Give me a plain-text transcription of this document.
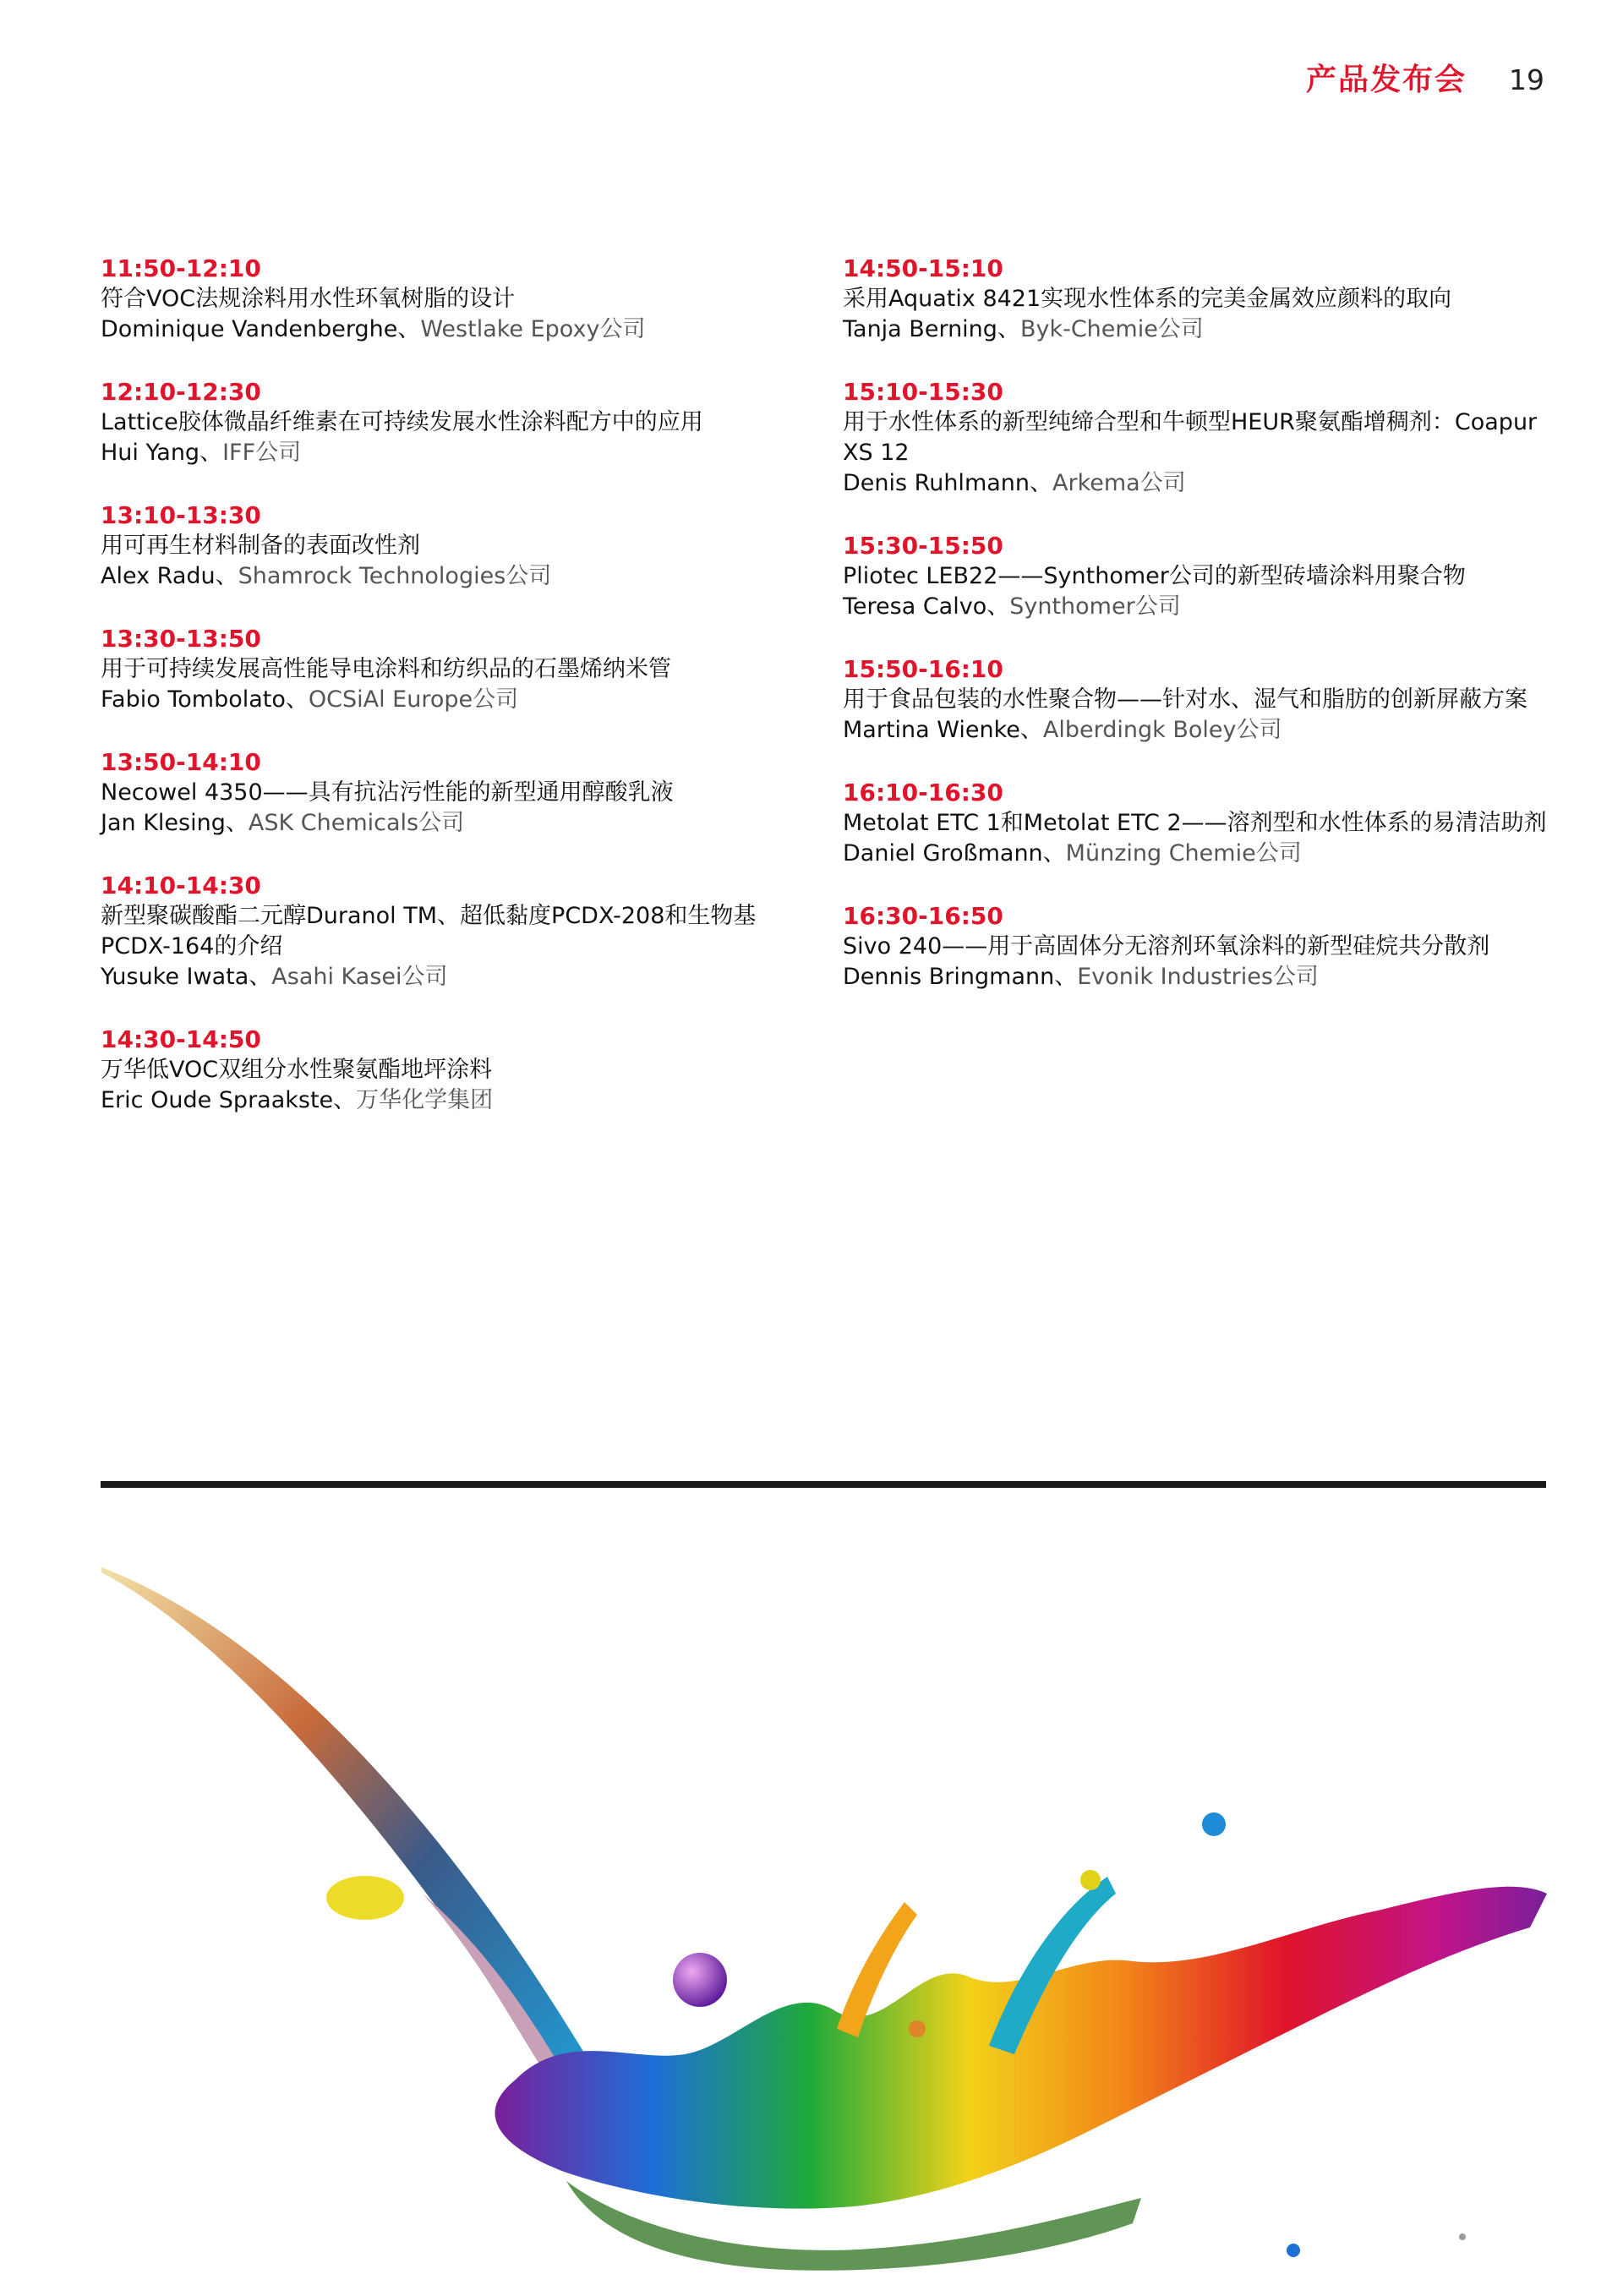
产品发布会 19
11:50-12:10
符合VOC法规涂料用水性环氧树脂的设计
Dominique Vandenberghe、Westlake Epoxy公司
12:10-12:30
Lattice胶体微晶纤维素在可持续发展水性涂料配方中的应用
Hui Yang、IFF公司
13:10-13:30
用可再生材料制备的表面改性剂
Alex Radu、Shamrock Technologies公司
13:30-13:50
用于可持续发展高性能导电涂料和纺织品的石墨烯纳米管
Fabio Tombolato、OCSiAl Europe公司
13:50-14:10
Necowel 4350——具有抗沾污性能的新型通用醇酸乳液
Jan Klesing、ASK Chemicals公司
14:10-14:30
新型聚碳酸酯二元醇Duranol TM、超低黏度PCDX-208和生物基PCDX-164的介绍
Yusuke Iwata、Asahi Kasei公司
14:30-14:50
万华低VOC双组分水性聚氨酯地坪涂料
Eric Oude Spraakste、万华化学集团
14:50-15:10
采用Aquatix 8421实现水性体系的完美金属效应颜料的取向
Tanja Berning、Byk-Chemie公司
15:10-15:30
用于水性体系的新型纯缔合型和牛顿型HEUR聚氨酯增稠剂：Coapur XS 12
Denis Ruhlmann、Arkema公司
15:30-15:50
Pliotec LEB22——Synthomer公司的新型砖墙涂料用聚合物
Teresa Calvo、Synthomer公司
15:50-16:10
用于食品包装的水性聚合物——针对水、湿气和脂肪的创新屏蔽方案
Martina Wienke、Alberdingk Boley公司
16:10-16:30
Metolat ETC 1和Metolat ETC 2——溶剂型和水性体系的易清洁助剂
Daniel Großmann、Münzing Chemie公司
16:30-16:50
Sivo 240——用于高固体分无溶剂环氧涂料的新型硅烷共分散剂
Dennis Bringmann、Evonik Industries公司
